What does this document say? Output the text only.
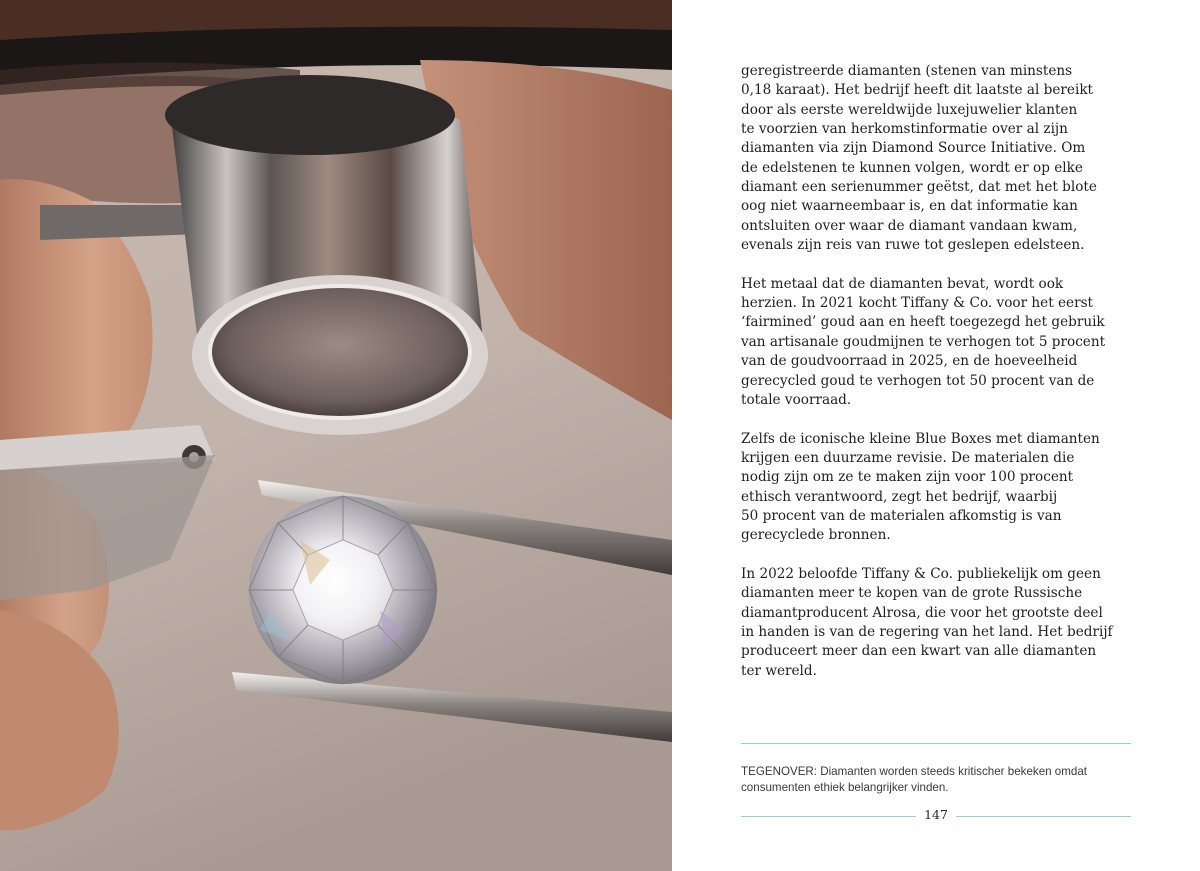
geregistreerde diamanten (stenen van minstens
0,18 karaat). Het bedrijf heeft dit laatste al bereikt
door als eerste wereldwijde luxejuwelier klanten
te voorzien van herkomstinformatie over al zijn
diamanten via zijn Diamond Source Initiative. Om
de edelstenen te kunnen volgen, wordt er op elke
diamant een serienummer geëtst, dat met het blote
oog niet waarneembaar is, en dat informatie kan
ontsluiten over waar de diamant vandaan kwam,
evenals zijn reis van ruwe tot geslepen edelsteen.

Het metaal dat de diamanten bevat, wordt ook
herzien. In 2021 kocht Tiffany & Co. voor het eerst
‘fairmined’ goud aan en heeft toegezegd het gebruik
van artisanale goudmijnen te verhogen tot 5 procent
van de goudvoorraad in 2025, en de hoeveelheid
gerecycled goud te verhogen tot 50 procent van de
totale voorraad.

Zelfs de iconische kleine Blue Boxes met diamanten
krijgen een duurzame revisie. De materialen die
nodig zijn om ze te maken zijn voor 100 procent
ethisch verantwoord, zegt het bedrijf, waarbij
50 procent van de materialen afkomstig is van
gerecyclede bronnen.

In 2022 beloofde Tiffany & Co. publiekelijk om geen
diamanten meer te kopen van de grote Russische
diamantproducent Alrosa, die voor het grootste deel
in handen is van de regering van het land. Het bedrijf
produceert meer dan een kwart van alle diamanten
ter wereld.

TEGENOVER: Diamanten worden steeds kritischer bekeken omdat
consumenten ethiek belangrijker vinden.
147
